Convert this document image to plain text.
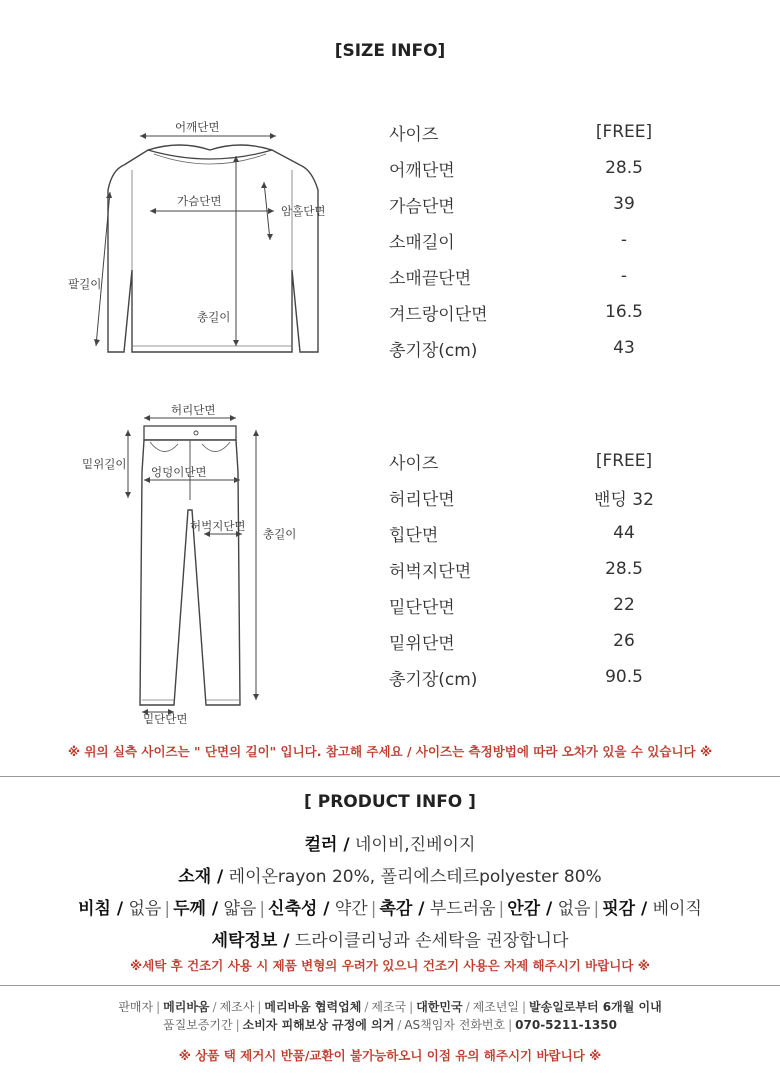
[SIZE INFO]
어깨단면
가슴단면
암홀단면
팔길이
총길이
사이즈	[FREE]
어깨단면	28.5
가슴단면	39
소매길이	-
소매끝단면	-
겨드랑이단면	16.5
총기장(cm)	43
허리단면
밑위길이
엉덩이단면
허벅지단면
총길이
밑단단면
사이즈	[FREE]
허리단면	밴딩 32
힙단면	44
허벅지단면	28.5
밑단단면	22
밑위단면	26
총기장(cm)	90.5
※ 위의 실측 사이즈는 " 단면의 길이" 입니다. 참고해 주세요 / 사이즈는 측정방법에 따라 오차가 있을 수 있습니다 ※
[ PRODUCT INFO ]
컬러 / 네이비,진베이지
소재 / 레이온rayon 20%, 폴리에스테르polyester 80%
비침 / 없음 | 두께 / 얇음 | 신축성 / 약간 | 촉감 / 부드러움 | 안감 / 없음 | 핏감 / 베이직
세탁정보 / 드라이클리닝과 손세탁을 권장합니다
※세탁 후 건조기 사용 시 제품 변형의 우려가 있으니 건조기 사용은 자제 해주시기 바랍니다 ※
판매자 | 메리바움 / 제조사 | 메리바움 협력업체 / 제조국 | 대한민국 / 제조년일 | 발송일로부터 6개월 이내
품질보증기간 | 소비자 피해보상 규정에 의거 / AS책임자 전화번호 | 070-5211-1350
※ 상품 택 제거시 반품/교환이 불가능하오니 이점 유의 해주시기 바랍니다 ※
